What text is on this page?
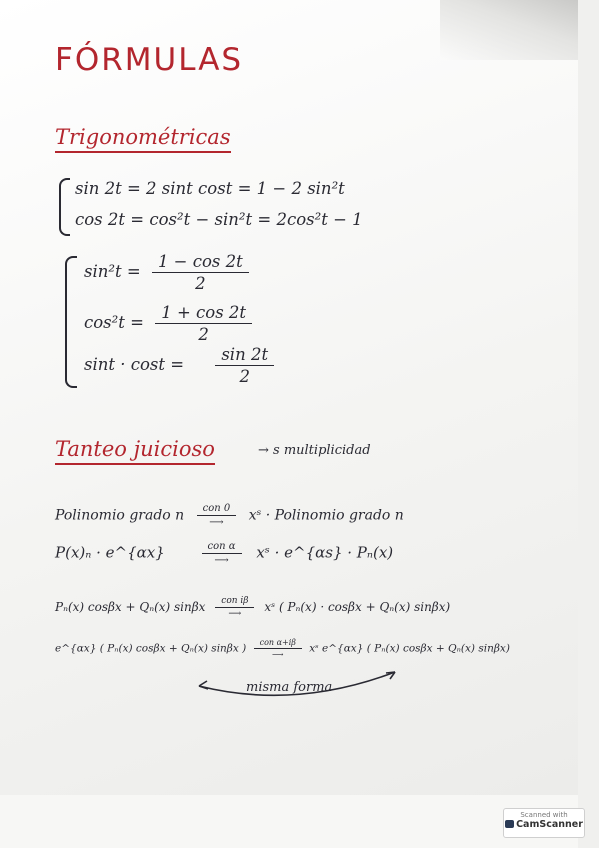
FÓRMULAS
Trigonométricas
sin 2t = 2 sint cost = 1 − 2 sin²t
cos 2t = cos²t − sin²t = 2cos²t − 1
$\sin^2t = \frac{1 - \cos 2t}{2}$
$\cos^2t = \frac{1 + \cos 2t}{2}$
$\sin t \cdot \cos t = \frac{\sin 2t}{2}$
Tanteo juicioso	→ s multiplicidad
Polinomio grado n $\frac{\text{con 0}}{⟶}$ xˢ · Polinomio grado n
P(x)ₙ · e^{αx}	$\frac{\text{con α}}{⟶}$ xˢ · e^{αs} · Pₙ(x)
Pₙ(x) cosβx + Qₙ(x) sinβx $\frac{\text{con iβ}}{⟶}$ xˢ ( Pₙ(x) · cosβx + Qₙ(x) sinβx)
e^{αx} ( Pₙ(x) cosβx + Qₙ(x) sinβx ) $\frac{\text{con α+iβ}}{⟶}$ xˢ e^{αx} ( Pₙ(x) cosβx + Qₙ(x) sinβx)
misma forma
Scanned with
CamScanner
